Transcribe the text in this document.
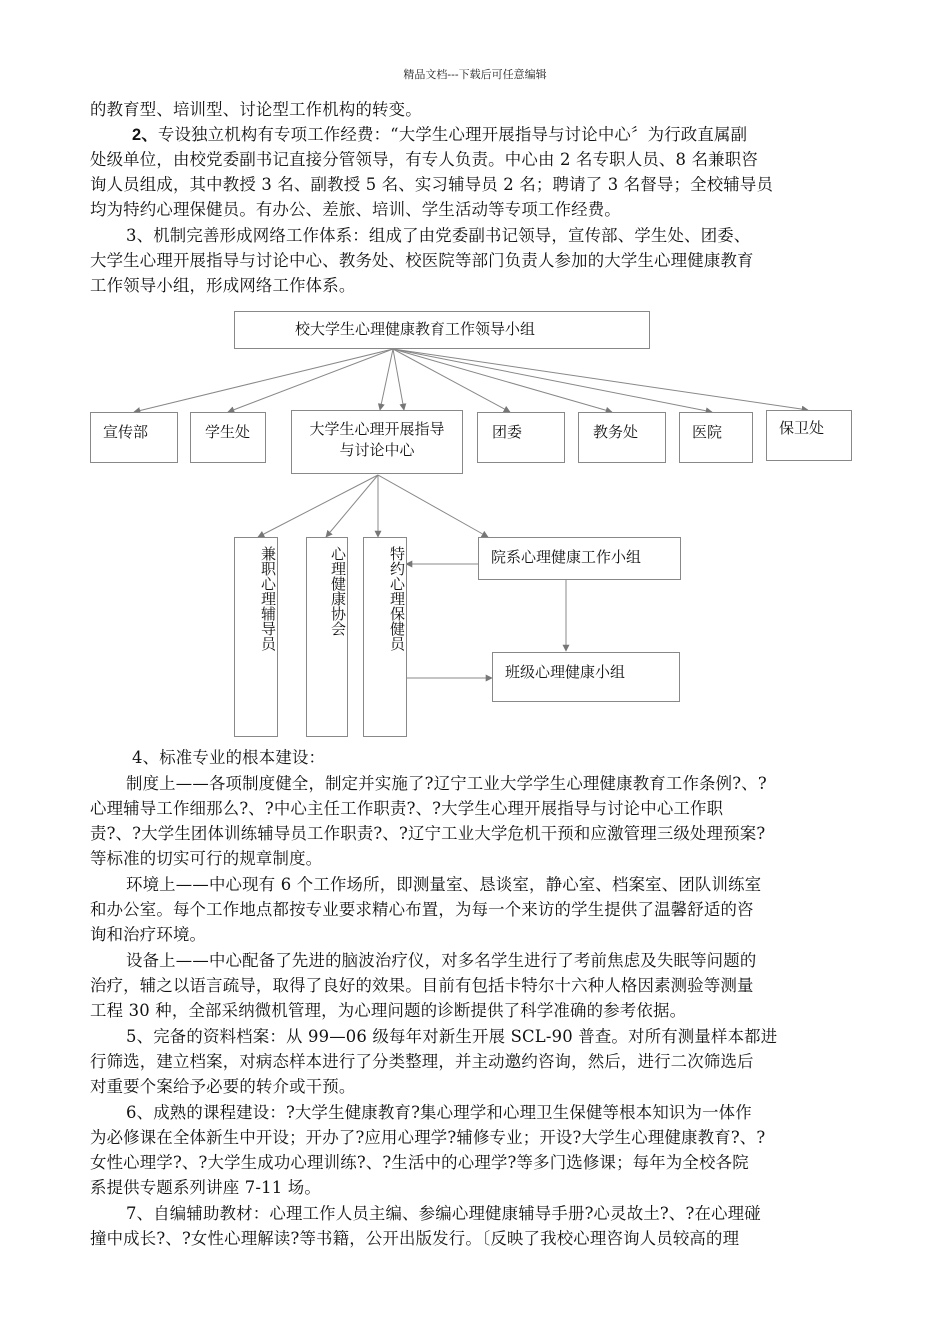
精品文档---下载后可任意编辑
的教育型、培训型、讨论型工作机构的转变。
2、专设独立机构有专项工作经费：“大学生心理开展指导与讨论中心〞为行政直属副
处级单位，由校党委副书记直接分管领导，有专人负责。中心由 2 名专职人员、8 名兼职咨
询人员组成，其中教授 3 名、副教授 5 名、实习辅导员 2 名；聘请了 3 名督导；全校辅导员
均为特约心理保健员。有办公、差旅、培训、学生活动等专项工作经费。
3、机制完善形成网络工作体系：组成了由党委副书记领导，宣传部、学生处、团委、
大学生心理开展指导与讨论中心、教务处、校医院等部门负责人参加的大学生心理健康教育
工作领导小组，形成网络工作体系。
校大学生心理健康教育工作领导小组
宣传部	学生处	大学生心理开展指导与讨论中心
团委	教务处	医院	保卫处
兼职心理辅导员	心理健康协会	特约心理保健员	院系心理健康工作小组
班级心理健康小组
4、标准专业的根本建设：
制度上——各项制度健全，制定并实施了?辽宁工业大学学生心理健康教育工作条例?、?
心理辅导工作细那么?、?中心主任工作职责?、?大学生心理开展指导与讨论中心工作职
责?、?大学生团体训练辅导员工作职责?、?辽宁工业大学危机干预和应激管理三级处理预案?
等标准的切实可行的规章制度。
环境上——中心现有 6 个工作场所，即测量室、恳谈室，静心室、档案室、团队训练室
和办公室。每个工作地点都按专业要求精心布置，为每一个来访的学生提供了温馨舒适的咨
询和治疗环境。
设备上——中心配备了先进的脑波治疗仪，对多名学生进行了考前焦虑及失眠等问题的
治疗，辅之以语言疏导，取得了良好的效果。目前有包括卡特尔十六种人格因素测验等测量
工程 30 种，全部采纳微机管理，为心理问题的诊断提供了科学准确的参考依据。
5、完备的资料档案：从 99—06 级每年对新生开展 SCL-90 普查。对所有测量样本都进
行筛选，建立档案，对病态样本进行了分类整理，并主动邀约咨询，然后，进行二次筛选后
对重要个案给予必要的转介或干预。
6、成熟的课程建设：?大学生健康教育?集心理学和心理卫生保健等根本知识为一体作
为必修课在全体新生中开设；开办了?应用心理学?辅修专业；开设?大学生心理健康教育?、?
女性心理学?、?大学生成功心理训练?、?生活中的心理学?等多门选修课；每年为全校各院
系提供专题系列讲座 7-11 场。
7、自编辅助教材：心理工作人员主编、参编心理健康辅导手册?心灵故土?、?在心理碰
撞中成长?、?女性心理解读?等书籍，公开出版发行。〔反映了我校心理咨询人员较高的理
